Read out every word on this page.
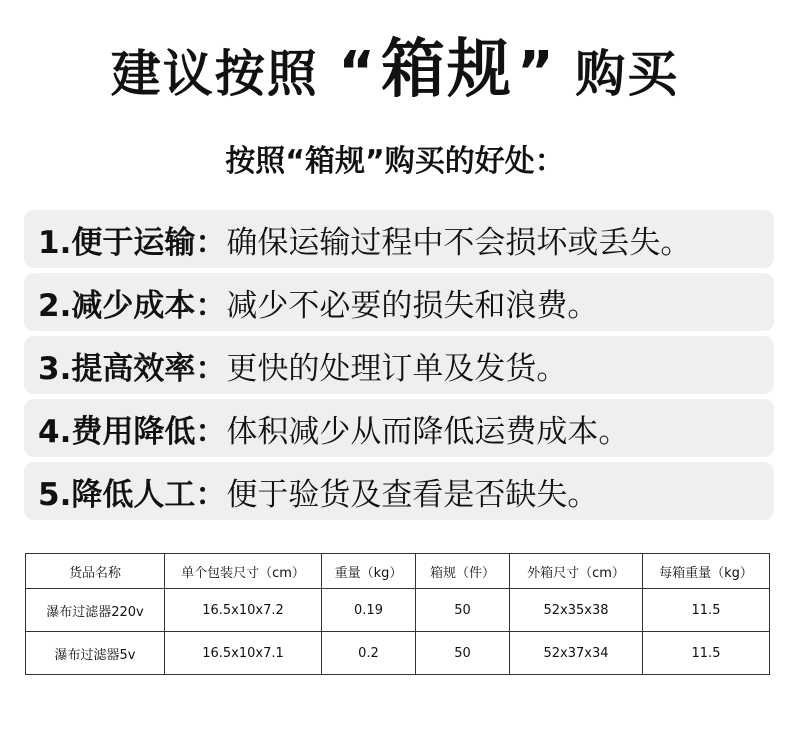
建议按照 “箱规” 购买
按照“箱规”购买的好处：
1.便于运输： 确保运输过程中不会损坏或丢失。
2.减少成本： 减少不必要的损失和浪费。
3.提高效率： 更快的处理订单及发货。
4.费用降低： 体积减少从而降低运费成本。
5.降低人工： 便于验货及查看是否缺失。
货品名称	单个包装尺寸（cm）	重量（kg）	箱规（件）	外箱尺寸（cm）	每箱重量（kg）
瀑布过滤器220v	16.5x10x7.2	0.19	50	52x35x38	11.5
瀑布过滤器5v	16.5x10x7.1	0.2	50	52x37x34	11.5
